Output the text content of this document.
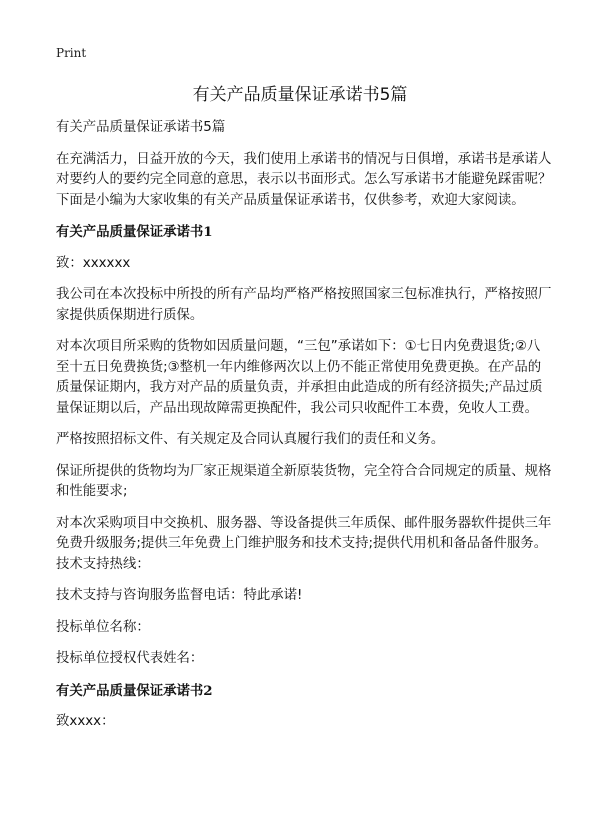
Print
有关产品质量保证承诺书5篇

有关产品质量保证承诺书5篇

在充满活力，日益开放的今天，我们使用上承诺书的情况与日俱增，承诺书是承诺人对要约人的要约完全同意的意思，表示以书面形式。怎么写承诺书才能避免踩雷呢？下面是小编为大家收集的有关产品质量保证承诺书，仅供参考，欢迎大家阅读。

有关产品质量保证承诺书1

致：xxxxxx

我公司在本次投标中所投的所有产品均严格严格按照国家三包标准执行，严格按照厂家提供质保期进行质保。

对本次项目所采购的货物如因质量问题，“三包”承诺如下：①七日内免费退货;②八至十五日免费换货;③整机一年内维修两次以上仍不能正常使用免费更换。在产品的质量保证期内，我方对产品的质量负责，并承担由此造成的所有经济损失;产品过质量保证期以后，产品出现故障需更换配件，我公司只收配件工本费，免收人工费。

严格按照招标文件、有关规定及合同认真履行我们的责任和义务。

保证所提供的货物均为厂家正规渠道全新原装货物，完全符合合同规定的质量、规格和性能要求;

对本次采购项目中交换机、服务器、等设备提供三年质保、邮件服务器软件提供三年免费升级服务;提供三年免费上门维护服务和技术支持;提供代用机和备品备件服务。技术支持热线：

技术支持与咨询服务监督电话：特此承诺!

投标单位名称：

投标单位授权代表姓名：

有关产品质量保证承诺书2

致xxxx：
